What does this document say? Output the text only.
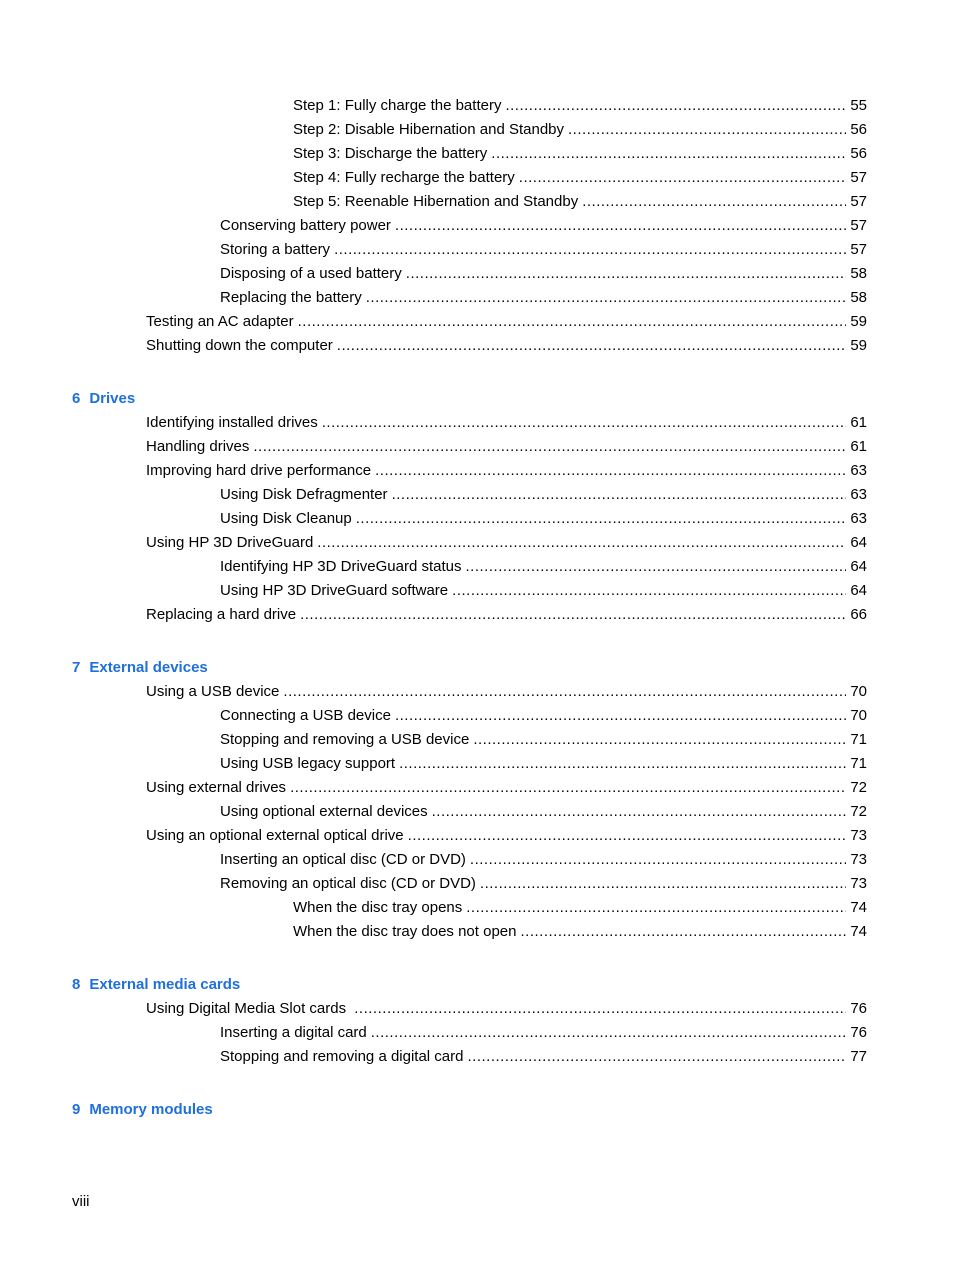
Step 1: Fully charge the battery .....	55
Step 2: Disable Hibernation and Standby .....	56
Step 3: Discharge the battery .....	56
Step 4: Fully recharge the battery .....	57
Step 5: Reenable Hibernation and Standby .....	57
Conserving battery power .....	57
Storing a battery .....	57
Disposing of a used battery .....	58
Replacing the battery .....	58
Testing an AC adapter .....	59
Shutting down the computer .....	59
6 Drives
Identifying installed drives .....	61
Handling drives .....	61
Improving hard drive performance .....	63
Using Disk Defragmenter .....	63
Using Disk Cleanup .....	63
Using HP 3D DriveGuard .....	64
Identifying HP 3D DriveGuard status .....	64
Using HP 3D DriveGuard software .....	64
Replacing a hard drive .....	66
7 External devices
Using a USB device .....	70
Connecting a USB device .....	70
Stopping and removing a USB device .....	71
Using USB legacy support .....	71
Using external drives .....	72
Using optional external devices .....	72
Using an optional external optical drive .....	73
Inserting an optical disc (CD or DVD) .....	73
Removing an optical disc (CD or DVD) .....	73
When the disc tray opens .....	74
When the disc tray does not open .....	74
8 External media cards
Using Digital Media Slot cards .....	76
Inserting a digital card .....	76
Stopping and removing a digital card .....	77
9 Memory modules
viii
